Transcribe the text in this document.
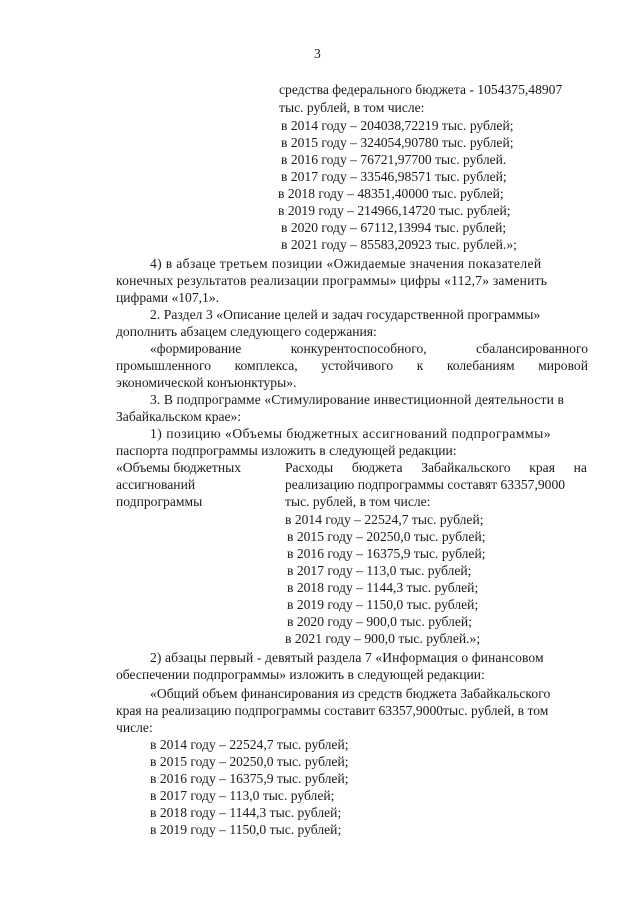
3
средства федерального бюджета - 1054375,48907
тыс. рублей, в том числе:
в 2014 году – 204038,72219 тыс. рублей;
в 2015 году – 324054,90780 тыс. рублей;
в 2016 году – 76721,97700 тыс. рублей.
в 2017 году – 33546,98571 тыс. рублей;
в 2018 году – 48351,40000 тыс. рублей;
в 2019 году – 214966,14720 тыс. рублей;
в 2020 году – 67112,13994 тыс. рублей;
в 2021 году – 85583,20923 тыс. рублей.»;
4) в абзаце третьем позиции «Ожидаемые значения показателей
конечных результатов реализации программы» цифры «112,7» заменить
цифрами «107,1».
2. Раздел 3 «Описание целей и задач государственной программы»
дополнить абзацем следующего содержания:
«формирование	конкурентоспособного,	сбалансированного
промышленного комплекса, устойчивого к колебаниям мировой
экономической конъюнктуры».
3. В подпрограмме «Стимулирование инвестиционной деятельности в
Забайкальском крае»:
1) позицию «Объемы бюджетных ассигнований подпрограммы»
паспорта подпрограммы изложить в следующей редакции:
«Объемы бюджетных
ассигнований
подпрограммы
Расходы бюджета Забайкальского края на
реализацию подпрограммы составят 63357,9000
тыс. рублей, в том числе:
в 2014 году – 22524,7 тыс. рублей;
в 2015 году – 20250,0 тыс. рублей;
в 2016 году – 16375,9 тыс. рублей;
в 2017 году – 113,0 тыс. рублей;
в 2018 году – 1144,3 тыс. рублей;
в 2019 году – 1150,0 тыс. рублей;
в 2020 году – 900,0 тыс. рублей;
в 2021 году – 900,0 тыс. рублей.»;
2) абзацы первый - девятый раздела 7 «Информация о финансовом
обеспечении подпрограммы» изложить в следующей редакции:
«Общий объем финансирования из средств бюджета Забайкальского
края на реализацию подпрограммы составит 63357,9000тыс. рублей, в том
числе:
в 2014 году – 22524,7 тыс. рублей;
в 2015 году – 20250,0 тыс. рублей;
в 2016 году – 16375,9 тыс. рублей;
в 2017 году – 113,0 тыс. рублей;
в 2018 году – 1144,3 тыс. рублей;
в 2019 году – 1150,0 тыс. рублей;
